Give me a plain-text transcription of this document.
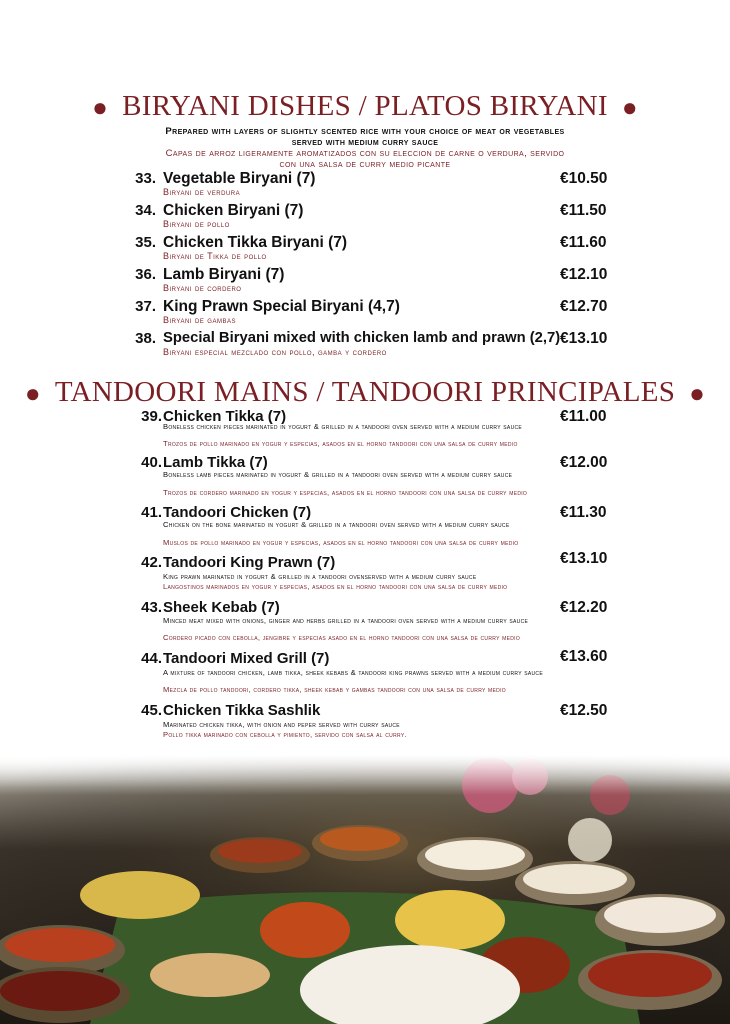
● BIRYANI DISHES / PLATOS BIRYANI ●
Prepared with layers of slightly scented rice with your choice of meat or vegetables
served with medium curry sauce
Capas de arroz ligeramente aromatizados con su eleccion de carne o verdura, servido
con una salsa de curry medio picante
33. Vegetable Biryani (7)	€10.50
Biryani de verdura
34. Chicken Biryani (7)	€11.50
Biryani de pollo
35. Chicken Tikka Biryani (7)	€11.60
Biryani de Tikka de pollo
36. Lamb Biryani (7)	€12.10
Biryani de cordero
37. King Prawn Special Biryani (4,7)	€12.70
Biryani de gambas
38. Special Biryani mixed with chicken lamb and prawn (2,7) €13.10
Biryani especial mezclado con pollo, gamba y cordero
● TANDOORI MAINS / TANDOORI PRINCIPALES ●
39. Chicken Tikka (7)	€11.00
Boneless chicken pieces marinated in yogurt & grilled in a tandoori oven served with a medium curry sauce
Trozos de pollo marinado en yogur y especias, asados en el horno tandoori con una salsa de curry medio
40. Lamb Tikka (7)	€12.00
Boneless lamb pieces marinated in yogurt & grilled in a tandoori oven served with a medium curry sauce
Trozos de cordero marinado en yogur y especias, asados en el horno tandoori con una salsa de curry medio
41. Tandoori Chicken (7)	€11.30
Chicken on the bone marinated in yogurt & grilled in a tandoori oven served with a medium curry sauce
Muslos de pollo marinado en yogur y especias, asados en el horno tandoori con una salsa de curry medio
42. Tandoori King Prawn (7)	€13.10
King prawn marinated in yogurt & grilled in a tandoori ovenserved with a medium curry sauce
Langostinos marinados en yogur y especias, asados en el horno tandoori con una salsa de curry medio
43. Sheek Kebab (7)	€12.20
Minced meat mixed with onions, ginger and herbs grilled in a tandoori oven served with a medium curry sauce
Cordero picado con cebolla, jengibre y especias asado en el horno tandoori con una salsa de curry medio
44. Tandoori Mixed Grill (7)	€13.60
A mixture of tandoori chicken, lamb tikka, sheek kebabs & tandoori king prawns served with a medium curry sauce
Mezcla de pollo tandoori, cordero tikka, sheek kebab y gambas tandoori con una salsa de curry medio
45. Chicken Tikka Sashlik	€12.50
Marinated chicken tikka, with onion and peper served with curry sauce
Pollo tikka marinado con cebolla y pimiento, servido con salsa al curry.
